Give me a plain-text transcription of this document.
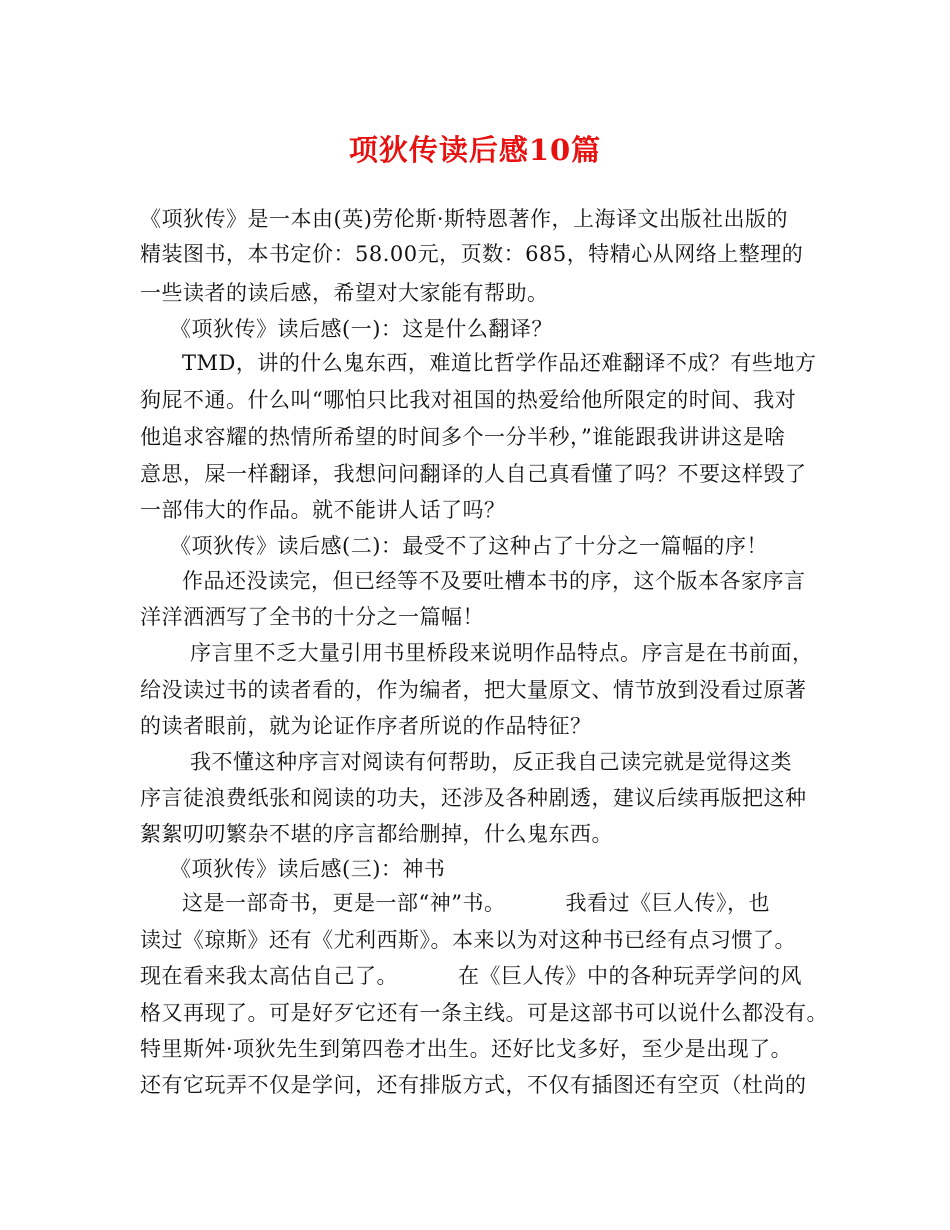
项狄传读后感10篇
《项狄传》是一本由(英)劳伦斯·斯特恩著作，上海译文出版社出版的
精装图书，本书定价：58.00元，页数：685，特精心从网络上整理的
一些读者的读后感，希望对大家能有帮助。
《项狄传》读后感(一)：这是什么翻译？
TMD，讲的什么鬼东西，难道比哲学作品还难翻译不成？有些地方
狗屁不通。什么叫“哪怕只比我对祖国的热爱给他所限定的时间、我对
他追求容耀的热情所希望的时间多个一分半秒，”谁能跟我讲讲这是啥
意思，屎一样翻译，我想问问翻译的人自己真看懂了吗？不要这样毁了
一部伟大的作品。就不能讲人话了吗？
《项狄传》读后感(二)：最受不了这种占了十分之一篇幅的序！
作品还没读完，但已经等不及要吐槽本书的序，这个版本各家序言
洋洋洒洒写了全书的十分之一篇幅！
序言里不乏大量引用书里桥段来说明作品特点。序言是在书前面，
给没读过书的读者看的，作为编者，把大量原文、情节放到没看过原著
的读者眼前，就为论证作序者所说的作品特征？
我不懂这种序言对阅读有何帮助，反正我自己读完就是觉得这类
序言徒浪费纸张和阅读的功夫，还涉及各种剧透，建议后续再版把这种
絮絮叨叨繁杂不堪的序言都给删掉，什么鬼东西。
《项狄传》读后感(三)：神书
这是一部奇书，更是一部“神”书。	我看过《巨人传》，也
读过《琼斯》还有《尤利西斯》。本来以为对这种书已经有点习惯了。
现在看来我太高估自己了。	在《巨人传》中的各种玩弄学问的风
格又再现了。可是好歹它还有一条主线。可是这部书可以说什么都没有。
特里斯舛·项狄先生到第四卷才出生。还好比戈多好，至少是出现了。
还有它玩弄不仅是学问，还有排版方式，不仅有插图还有空页（杜尚的
